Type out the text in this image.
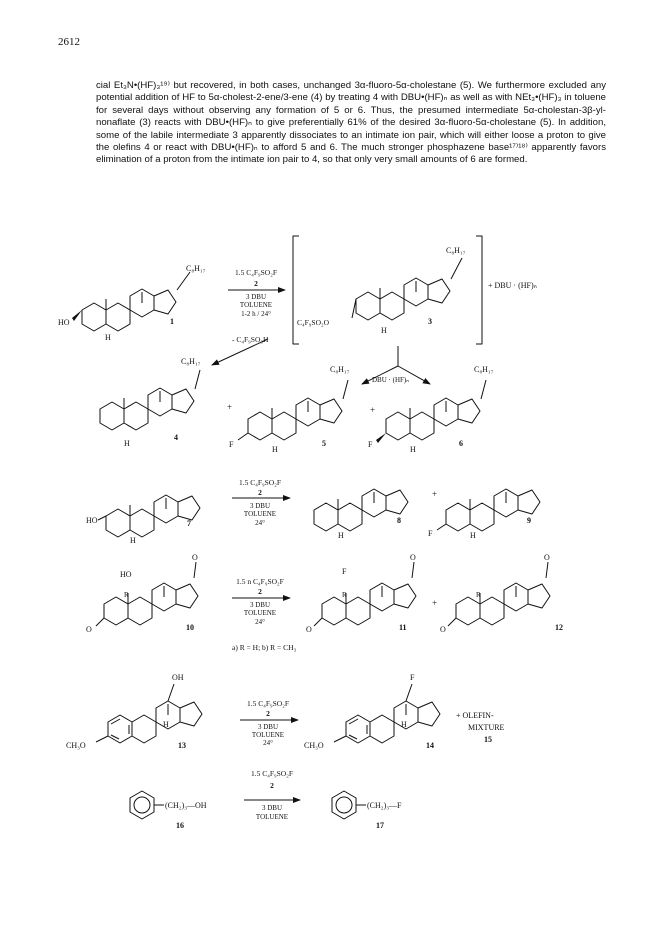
2612
cial Et₃N•(HF)₃¹⁹⁾ but recovered, in both cases, unchanged 3α-fluoro-5α-cholestane (5). We furthermore excluded any potential addition of HF to 5α-cholest-2-ene/3-ene (4) by treating 4 with DBU•(HF)ₙ as well as with NEt₃•(HF)₃ in toluene for several days without observing any formation of 5 or 6. Thus, the presumed intermediate 5α-cholestan-3β-yl-nonaflate (3) reacts with DBU•(HF)ₙ to give preferentially 61% of the desired 3α-fluoro-5α-cholestane (5). In addition, some of the labile intermediate 3 apparently dissociates to an intimate ion pair, which will either loose a proton to give the olefins 4 or react with DBU•(HF)ₙ to afford 5 and 6. The much stronger phosphazene base¹⁷⁾¹⁸⁾ apparently favors elimination of a proton from the intimate ion pair to 4, so that only very small amounts of 6 are formed.
C₈H₁₇
HO
H
1
1.5 C₄F₉SO₂F
2
3 DBU
TOLUENE
1-2 h / 24°
C₈H₁₇
C₄F₉SO₂O
H
3
+ DBU · (HF)ₙ
- C₄F₉SO₃H
DBU · (HF)ₙ
C₈H₁₇
H
4
+
C₈H₁₇
F
H
5
+
C₈H₁₇
F
H
6
HO
H
7
1.5 C₄F₉SO₂F
2
3 DBU
TOLUENE
24°
H
8
+
F	H
9
O
HO
R
O	10
1.5 n C₄F₉SO₂F
2
3 DBU
TOLUENE
24°
O
F
R
O	11
+
O
R
O	12
a) R = H; b) R = CH₃
OH
CH₃O
H
13
1.5 C₄F₉SO₂F
2
3 DBU
TOLUENE
24°
F
CH₃O
H
14
+ OLEFIN-
MIXTURE
15
(CH₂)₃—OH
16
1.5 C₄F₉SO₂F
2
3 DBU
TOLUENE
(CH₂)₃—F
17
